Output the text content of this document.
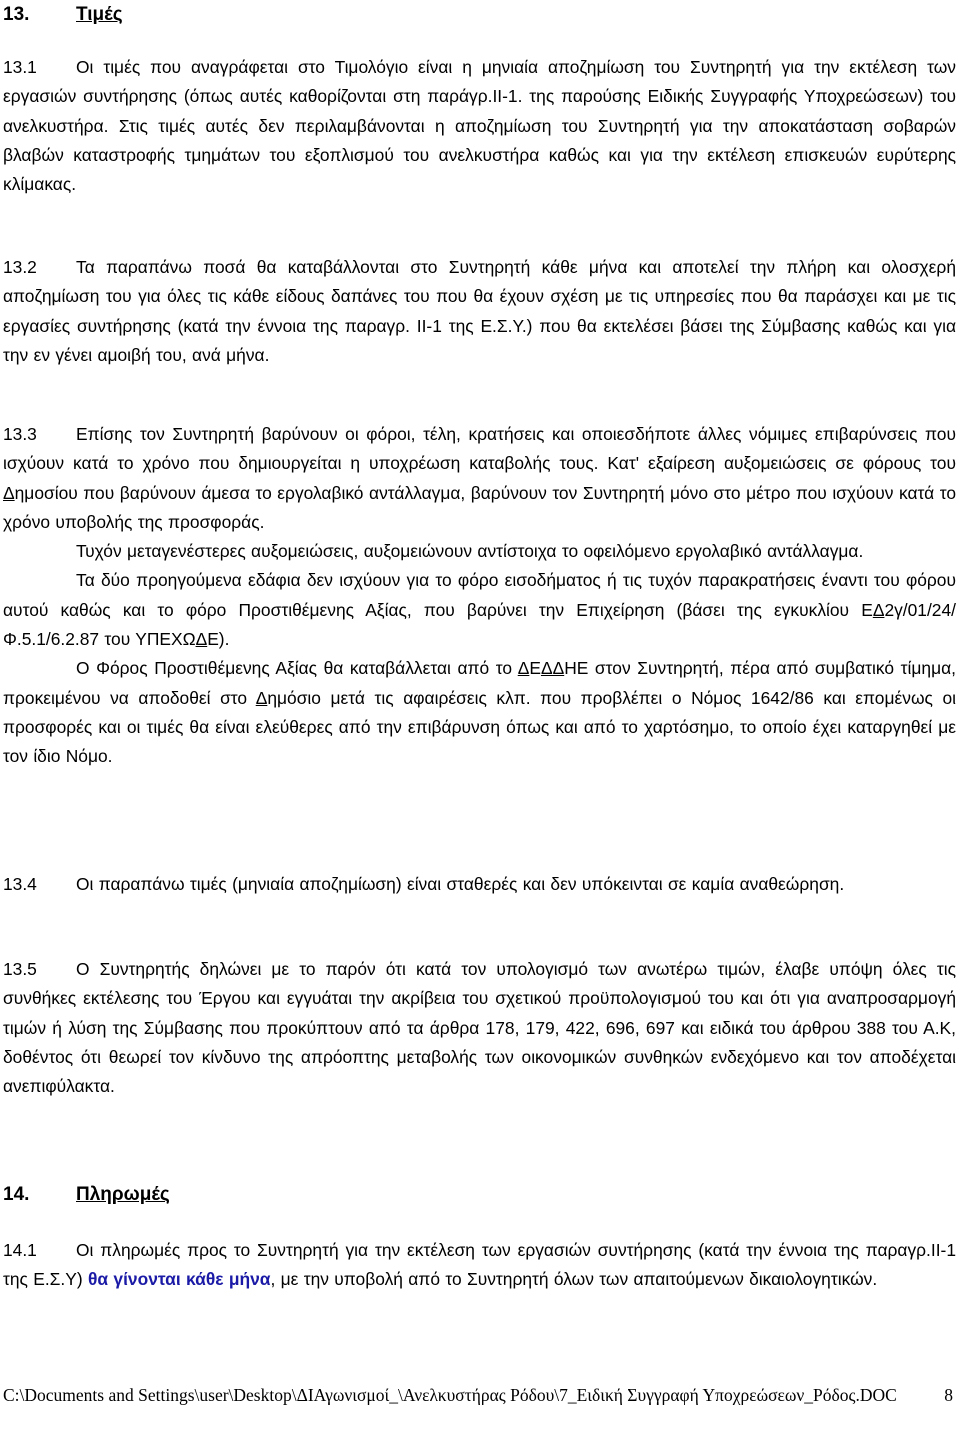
13. Τιμές

13.1 Οι τιμές που αναγράφεται στο Τιμολόγιο είναι η μηνιαία αποζημίωση του Συντηρητή για την εκτέλεση των εργασιών συντήρησης (όπως αυτές καθορίζονται στη παράγρ.ΙΙ-1. της παρούσης Ειδικής Συγγραφής Υποχρεώσεων) του ανελκυστήρα. Στις τιμές αυτές δεν περιλαμβάνονται η αποζημίωση του Συντηρητή για την αποκατάσταση σοβαρών βλαβών καταστροφής τμημάτων του εξοπλισμού του ανελκυστήρα καθώς και για την εκτέλεση επισκευών ευρύτερης κλίμακας.

13.2 Τα παραπάνω ποσά θα καταβάλλονται στο Συντηρητή κάθε μήνα και αποτελεί την πλήρη και ολοσχερή αποζημίωση του για όλες τις κάθε είδους δαπάνες του που θα έχουν σχέση με τις υπηρεσίες που θα παράσχει και με τις εργασίες συντήρησης (κατά την έννοια της παραγρ. ΙΙ-1 της Ε.Σ.Υ.) που θα εκτελέσει βάσει της Σύμβασης καθώς και για την εν γένει αμοιβή του, ανά μήνα.

13.3 Επίσης τον Συντηρητή βαρύνουν οι φόροι, τέλη, κρατήσεις και οποιεσδήποτε άλλες νόμιμες επιβαρύνσεις που ισχύουν κατά το χρόνο που δημιουργείται η υποχρέωση καταβολής τους. Κατ' εξαίρεση αυξομειώσεις σε φόρους του Δημοσίου που βαρύνουν άμεσα το εργολαβικό αντάλλαγμα, βαρύνουν τον Συντηρητή μόνο στο μέτρο που ισχύουν κατά το χρόνο υποβολής της προσφοράς.

Τυχόν μεταγενέστερες αυξομειώσεις, αυξομειώνουν αντίστοιχα το οφειλόμενο εργολαβικό αντάλλαγμα.

Τα δύο προηγούμενα εδάφια δεν ισχύουν για το φόρο εισοδήματος ή τις τυχόν παρακρατήσεις έναντι του φόρου αυτού καθώς και το φόρο Προστιθέμενης Αξίας, που βαρύνει την Επιχείρηση (βάσει της εγκυκλίου ΕΔ2γ/01/24/Φ.5.1/6.2.87 του ΥΠΕΧΩΔΕ).

Ο Φόρος Προστιθέμενης Αξίας θα καταβάλλεται από το ΔΕΔΔΗΕ στον Συντηρητή, πέρα από συμβατικό τίμημα, προκειμένου να αποδοθεί στο Δημόσιο μετά τις αφαιρέσεις κλπ. που προβλέπει ο Νόμος 1642/86 και επομένως οι προσφορές και οι τιμές θα είναι ελεύθερες από την επιβάρυνση όπως και από το χαρτόσημο, το οποίο έχει καταργηθεί με τον ίδιο Νόμο.

13.4 Οι παραπάνω τιμές (μηνιαία αποζημίωση) είναι σταθερές και δεν υπόκεινται σε καμία αναθεώρηση.

13.5 Ο Συντηρητής δηλώνει με το παρόν ότι κατά τον υπολογισμό των ανωτέρω τιμών, έλαβε υπόψη όλες τις συνθήκες εκτέλεσης του Έργου και εγγυάται την ακρίβεια του σχετικού προϋπολογισμού του και ότι για αναπροσαρμογή τιμών ή λύση της Σύμβασης που προκύπτουν από τα άρθρα 178, 179, 422, 696, 697 και ειδικά του άρθρου 388 του Α.Κ, δοθέντος ότι θεωρεί τον κίνδυνο της απρόοπτης μεταβολής των οικονομικών συνθηκών ενδεχόμενο και τον αποδέχεται ανεπιφύλακτα.

14. Πληρωμές

14.1 Οι πληρωμές προς το Συντηρητή για την εκτέλεση των εργασιών συντήρησης (κατά την έννοια της παραγρ.ΙΙ-1 της Ε.Σ.Υ) θα γίνονται κάθε μήνα, με την υποβολή από το Συντηρητή όλων των απαιτούμενων δικαιολογητικών.

C:\Documents and Settings\user\Desktop\ΔΙΑγωνισμοί_\Ανελκυστήρας Ρόδου\7_Ειδική Συγγραφή Υποχρεώσεων_Ρόδος.DOC	8
